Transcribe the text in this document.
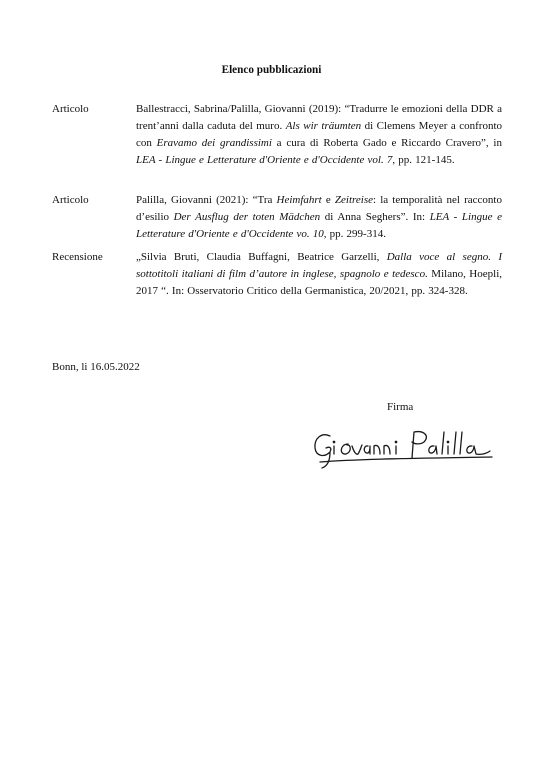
Elenco pubblicazioni
Articolo	Ballestracci, Sabrina/Palilla, Giovanni (2019): “Tradurre le emozioni della DDR a trent’anni dalla caduta del muro. Als wir träumten di Clemens Meyer a confronto con Eravamo dei grandissimi a cura di Roberta Gado e Riccardo Cravero”, in LEA - Lingue e Letterature d'Oriente e d'Occidente vol. 7, pp. 121-145.
Articolo	Palilla, Giovanni (2021): “Tra Heimfahrt e Zeitreise: la temporalità nel racconto d’esilio Der Ausflug der toten Mädchen di Anna Seghers”. In: LEA - Lingue e Letterature d'Oriente e d'Occidente vo. 10, pp. 299-314.
Recensione	„Silvia Bruti, Claudia Buffagni, Beatrice Garzelli, Dalla voce al segno. I sottotitoli italiani di film d’autore in inglese, spagnolo e tedesco. Milano, Hoepli, 2017 “. In: Osservatorio Critico della Germanistica, 20/2021, pp. 324-328.
Bonn, li 16.05.2022
Firma
